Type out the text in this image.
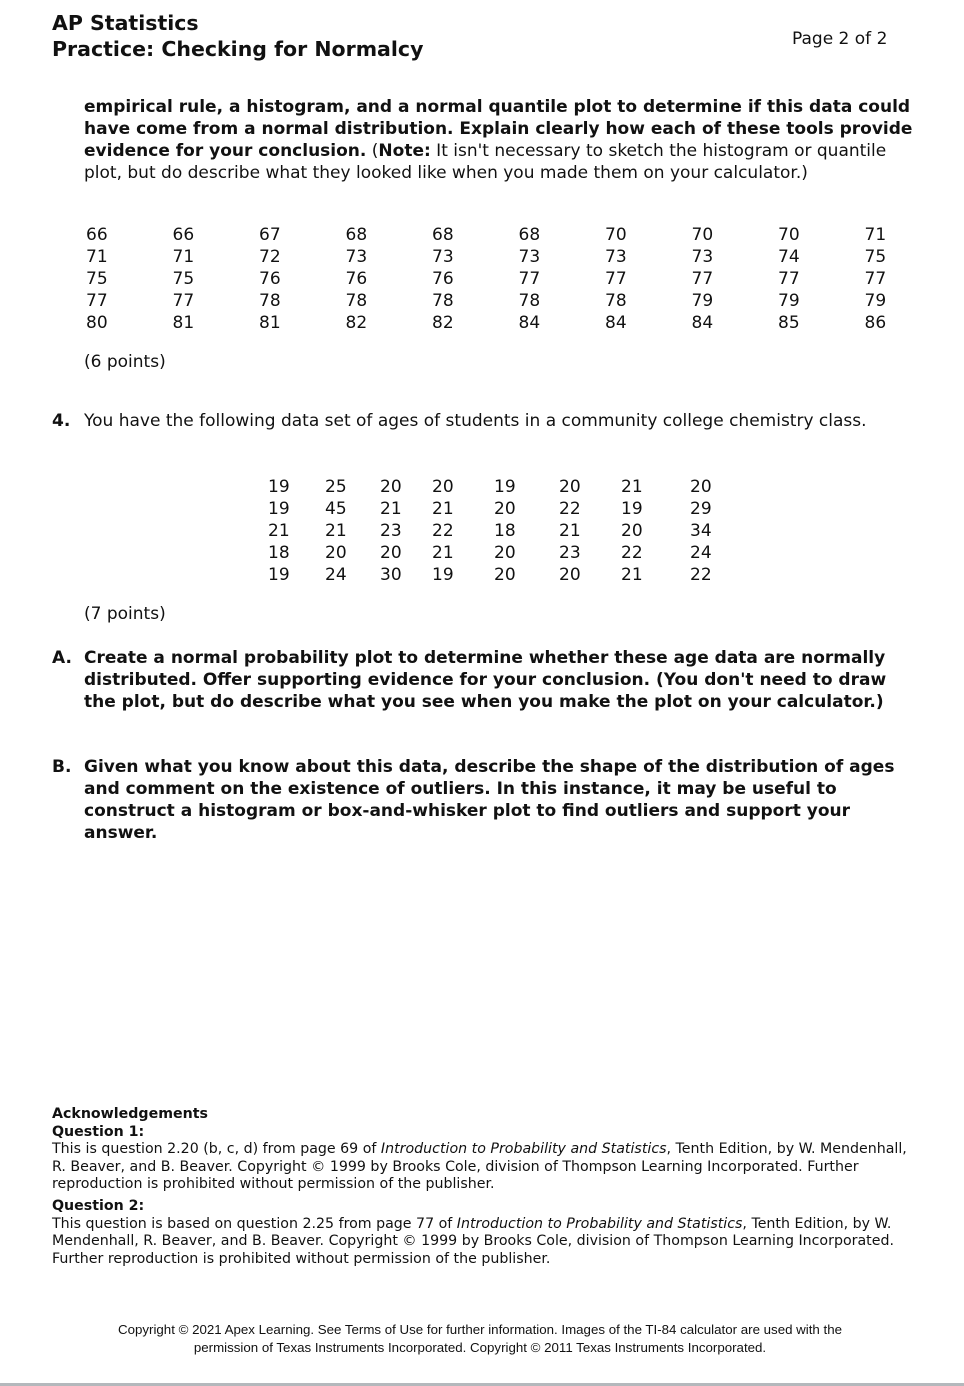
AP Statistics
Practice: Checking for Normalcy	Page 2 of 2
empirical rule, a histogram, and a normal quantile plot to determine if this data could have come from a normal distribution. Explain clearly how each of these tools provide evidence for your conclusion. (Note: It isn't necessary to sketch the histogram or quantile plot, but do describe what they looked like when you made them on your calculator.)
66	66	67	68	68	68	70	70	70	71
71	71	72	73	73	73	73	73	74	75
75	75	76	76	76	77	77	77	77	77
77	77	78	78	78	78	78	79	79	79
80	81	81	82	82	84	84	84	85	86
(6 points)
4. You have the following data set of ages of students in a community college chemistry class.
19 25 20 20 19	20 21	20
19 45 21 21 20	22 19	29
21 21 23 22 18	21 20	34
18 20 20 21 20	23 22	24
19 24 30 19 20	20 21	22
(7 points)
A. Create a normal probability plot to determine whether these age data are normally distributed. Offer supporting evidence for your conclusion. (You don't need to draw the plot, but do describe what you see when you make the plot on your calculator.)
B. Given what you know about this data, describe the shape of the distribution of ages and comment on the existence of outliers. In this instance, it may be useful to construct a histogram or box-and-whisker plot to find outliers and support your answer.
Acknowledgements
Question 1:
This is question 2.20 (b, c, d) from page 69 of Introduction to Probability and Statistics, Tenth Edition, by W. Mendenhall, R. Beaver, and B. Beaver. Copyright © 1999 by Brooks Cole, division of Thompson Learning Incorporated. Further reproduction is prohibited without permission of the publisher.
Question 2:
This question is based on question 2.25 from page 77 of Introduction to Probability and Statistics, Tenth Edition, by W. Mendenhall, R. Beaver, and B. Beaver. Copyright © 1999 by Brooks Cole, division of Thompson Learning Incorporated. Further reproduction is prohibited without permission of the publisher.
Copyright © 2021 Apex Learning. See Terms of Use for further information. Images of the TI-84 calculator are used with the
permission of Texas Instruments Incorporated. Copyright © 2011 Texas Instruments Incorporated.
